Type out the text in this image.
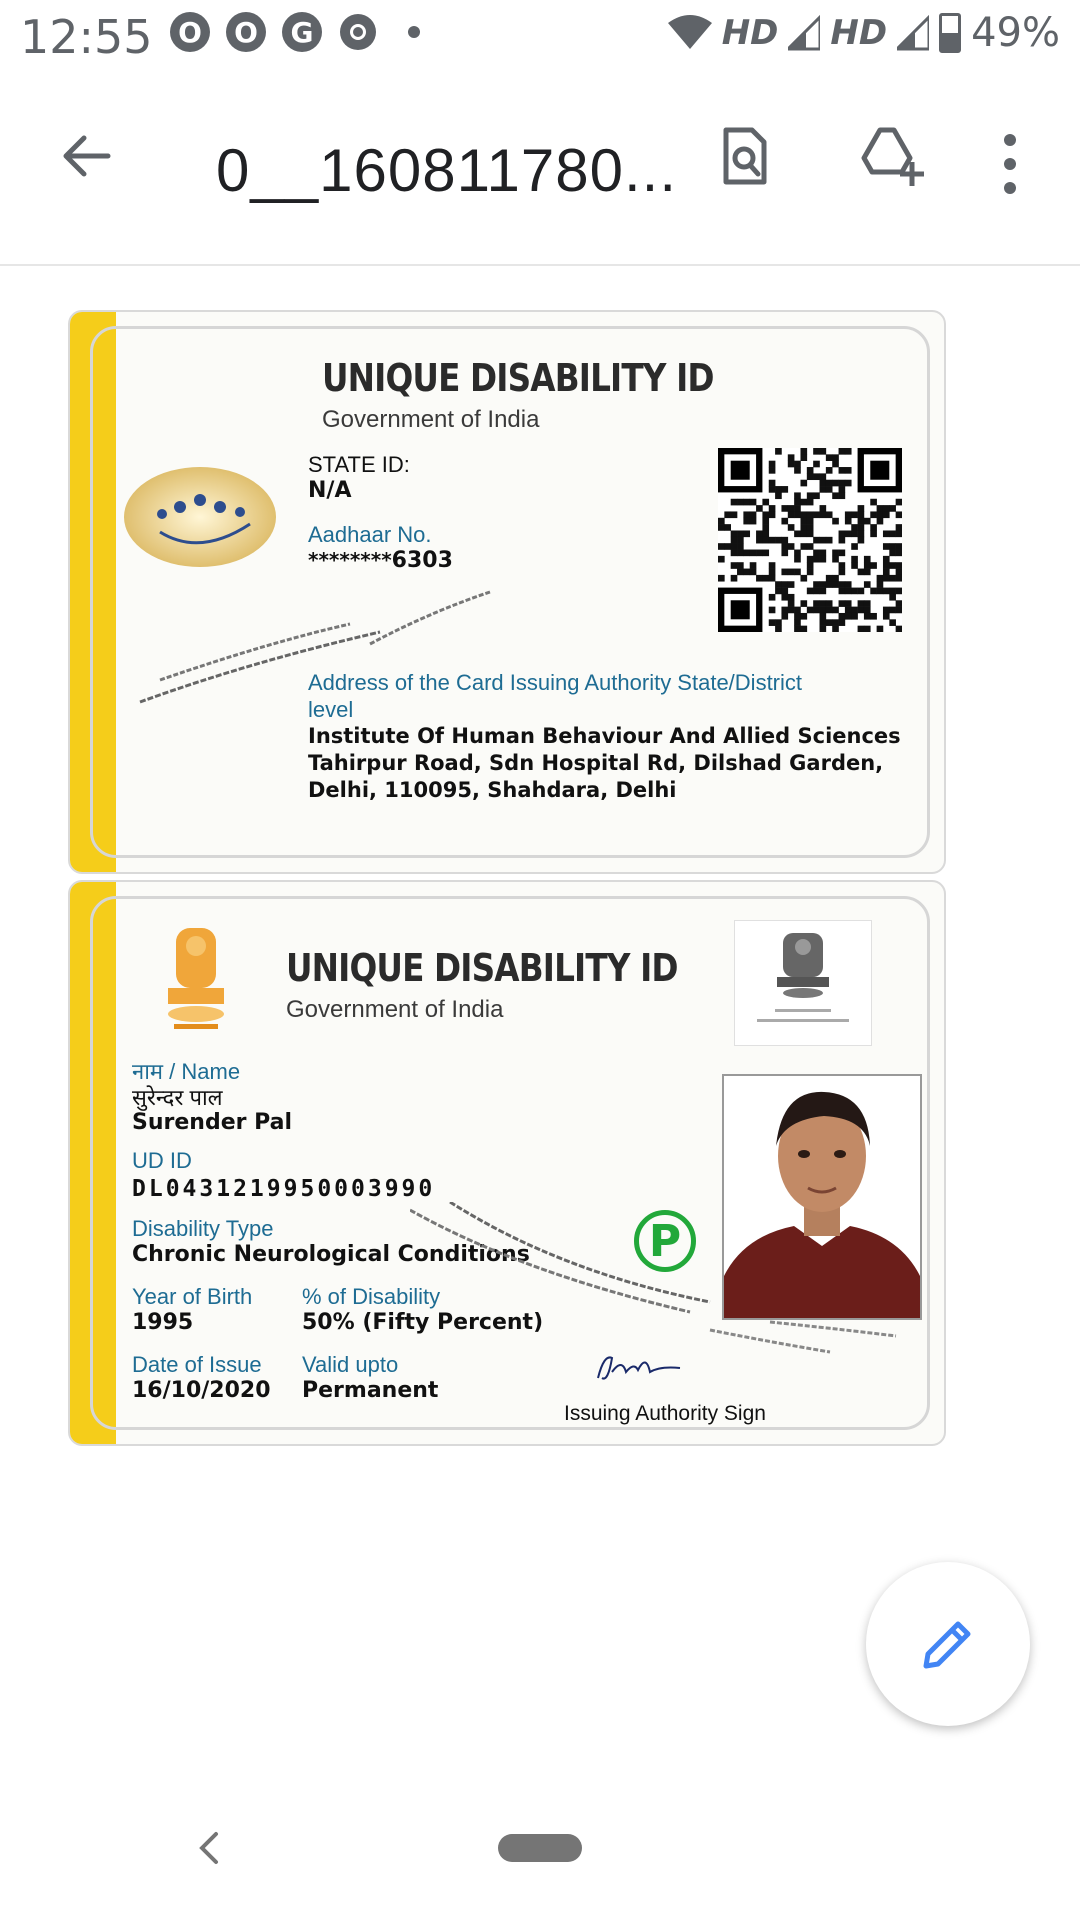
12:55 O O	G	HD HD 49%
0__160811780...
UNIQUE DISABILITY ID
Government of India
STATE ID:
N/A
Aadhaar No.
********6303
Address of the Card Issuing Authority State/District
level
Institute Of Human Behaviour And Allied Sciences
Tahirpur Road, Sdn Hospital Rd, Dilshad Garden,
Delhi, 110095, Shahdara, Delhi
UNIQUE DISABILITY ID
Government of India
नाम / Name
सुरेन्दर पाल
Surender Pal
UD ID
DL0431219950003990
Disability Type
Chronic Neurological Conditions	P
Year of Birth
1995
% of Disability
50% (Fifty Percent)
Date of Issue
16/10/2020
Valid upto
Permanent
Issuing Authority Sign
